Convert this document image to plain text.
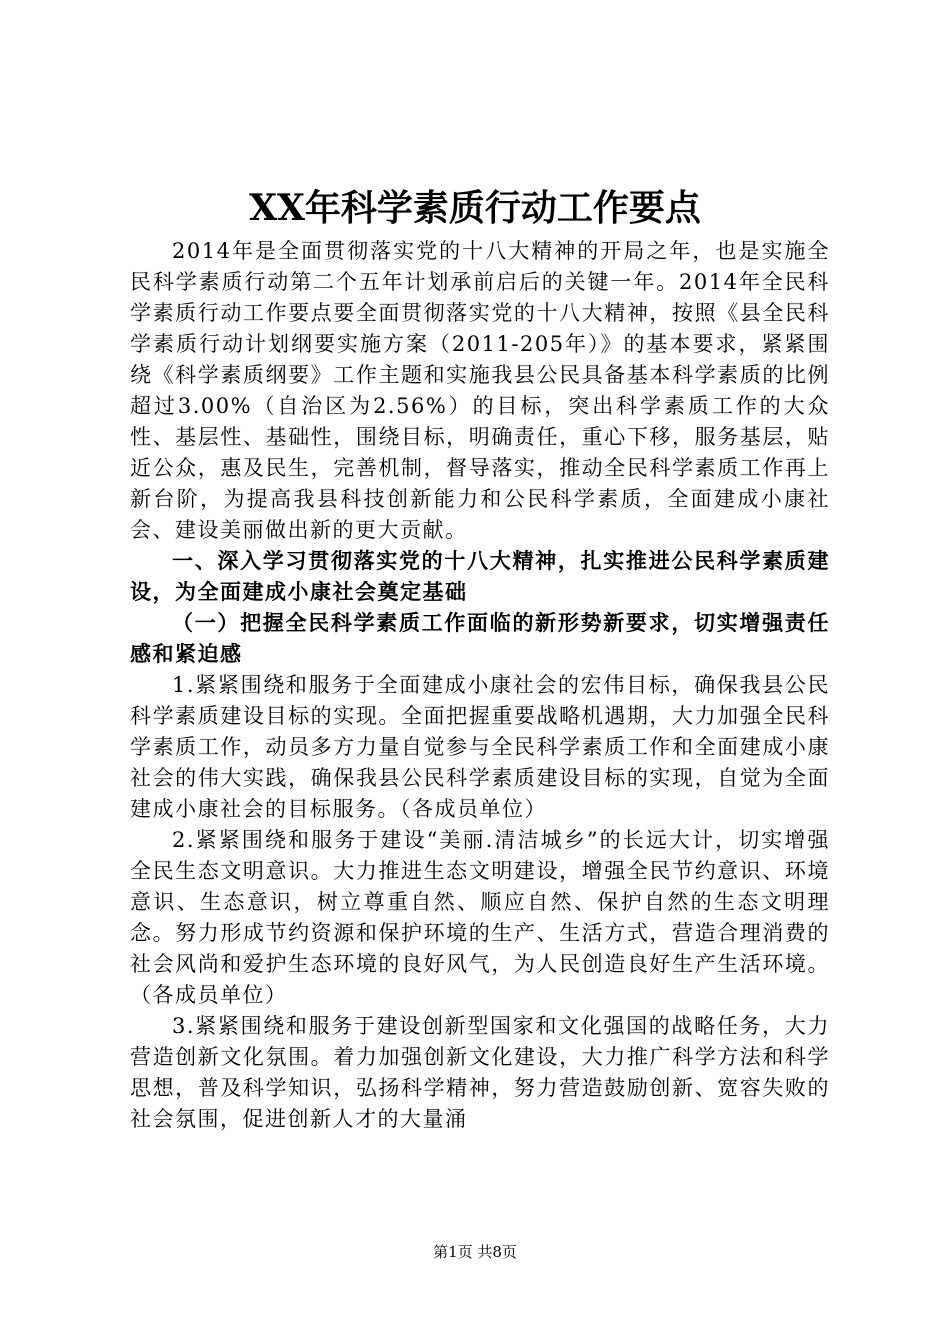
XX年科学素质行动工作要点

2014年是全面贯彻落实党的十八大精神的开局之年，也是实施全民科学素质行动第二个五年计划承前启后的关键一年。2014年全民科学素质行动工作要点要全面贯彻落实党的十八大精神，按照《县全民科学素质行动计划纲要实施方案（2011-205年）》的基本要求，紧紧围绕《科学素质纲要》工作主题和实施我县公民具备基本科学素质的比例超过3.00%（自治区为2.56%）的目标，突出科学素质工作的大众性、基层性、基础性，围绕目标，明确责任，重心下移，服务基层，贴近公众，惠及民生，完善机制，督导落实，推动全民科学素质工作再上新台阶，为提高我县科技创新能力和公民科学素质，全面建成小康社会、建设美丽做出新的更大贡献。

一、深入学习贯彻落实党的十八大精神，扎实推进公民科学素质建设，为全面建成小康社会奠定基础
（一）把握全民科学素质工作面临的新形势新要求，切实增强责任感和紧迫感

1.紧紧围绕和服务于全面建成小康社会的宏伟目标，确保我县公民科学素质建设目标的实现。全面把握重要战略机遇期，大力加强全民科学素质工作，动员多方力量自觉参与全民科学素质工作和全面建成小康社会的伟大实践，确保我县公民科学素质建设目标的实现，自觉为全面建成小康社会的目标服务。（各成员单位）

2.紧紧围绕和服务于建设“美丽.清洁城乡”的长远大计，切实增强全民生态文明意识。大力推进生态文明建设，增强全民节约意识、环境意识、生态意识，树立尊重自然、顺应自然、保护自然的生态文明理念。努力形成节约资源和保护环境的生产、生活方式，营造合理消费的社会风尚和爱护生态环境的良好风气，为人民创造良好生产生活环境。（各成员单位）

3.紧紧围绕和服务于建设创新型国家和文化强国的战略任务，大力营造创新文化氛围。着力加强创新文化建设，大力推广科学方法和科学思想，普及科学知识，弘扬科学精神，努力营造鼓励创新、宽容失败的社会氛围，促进创新人才的大量涌

第1页 共8页
